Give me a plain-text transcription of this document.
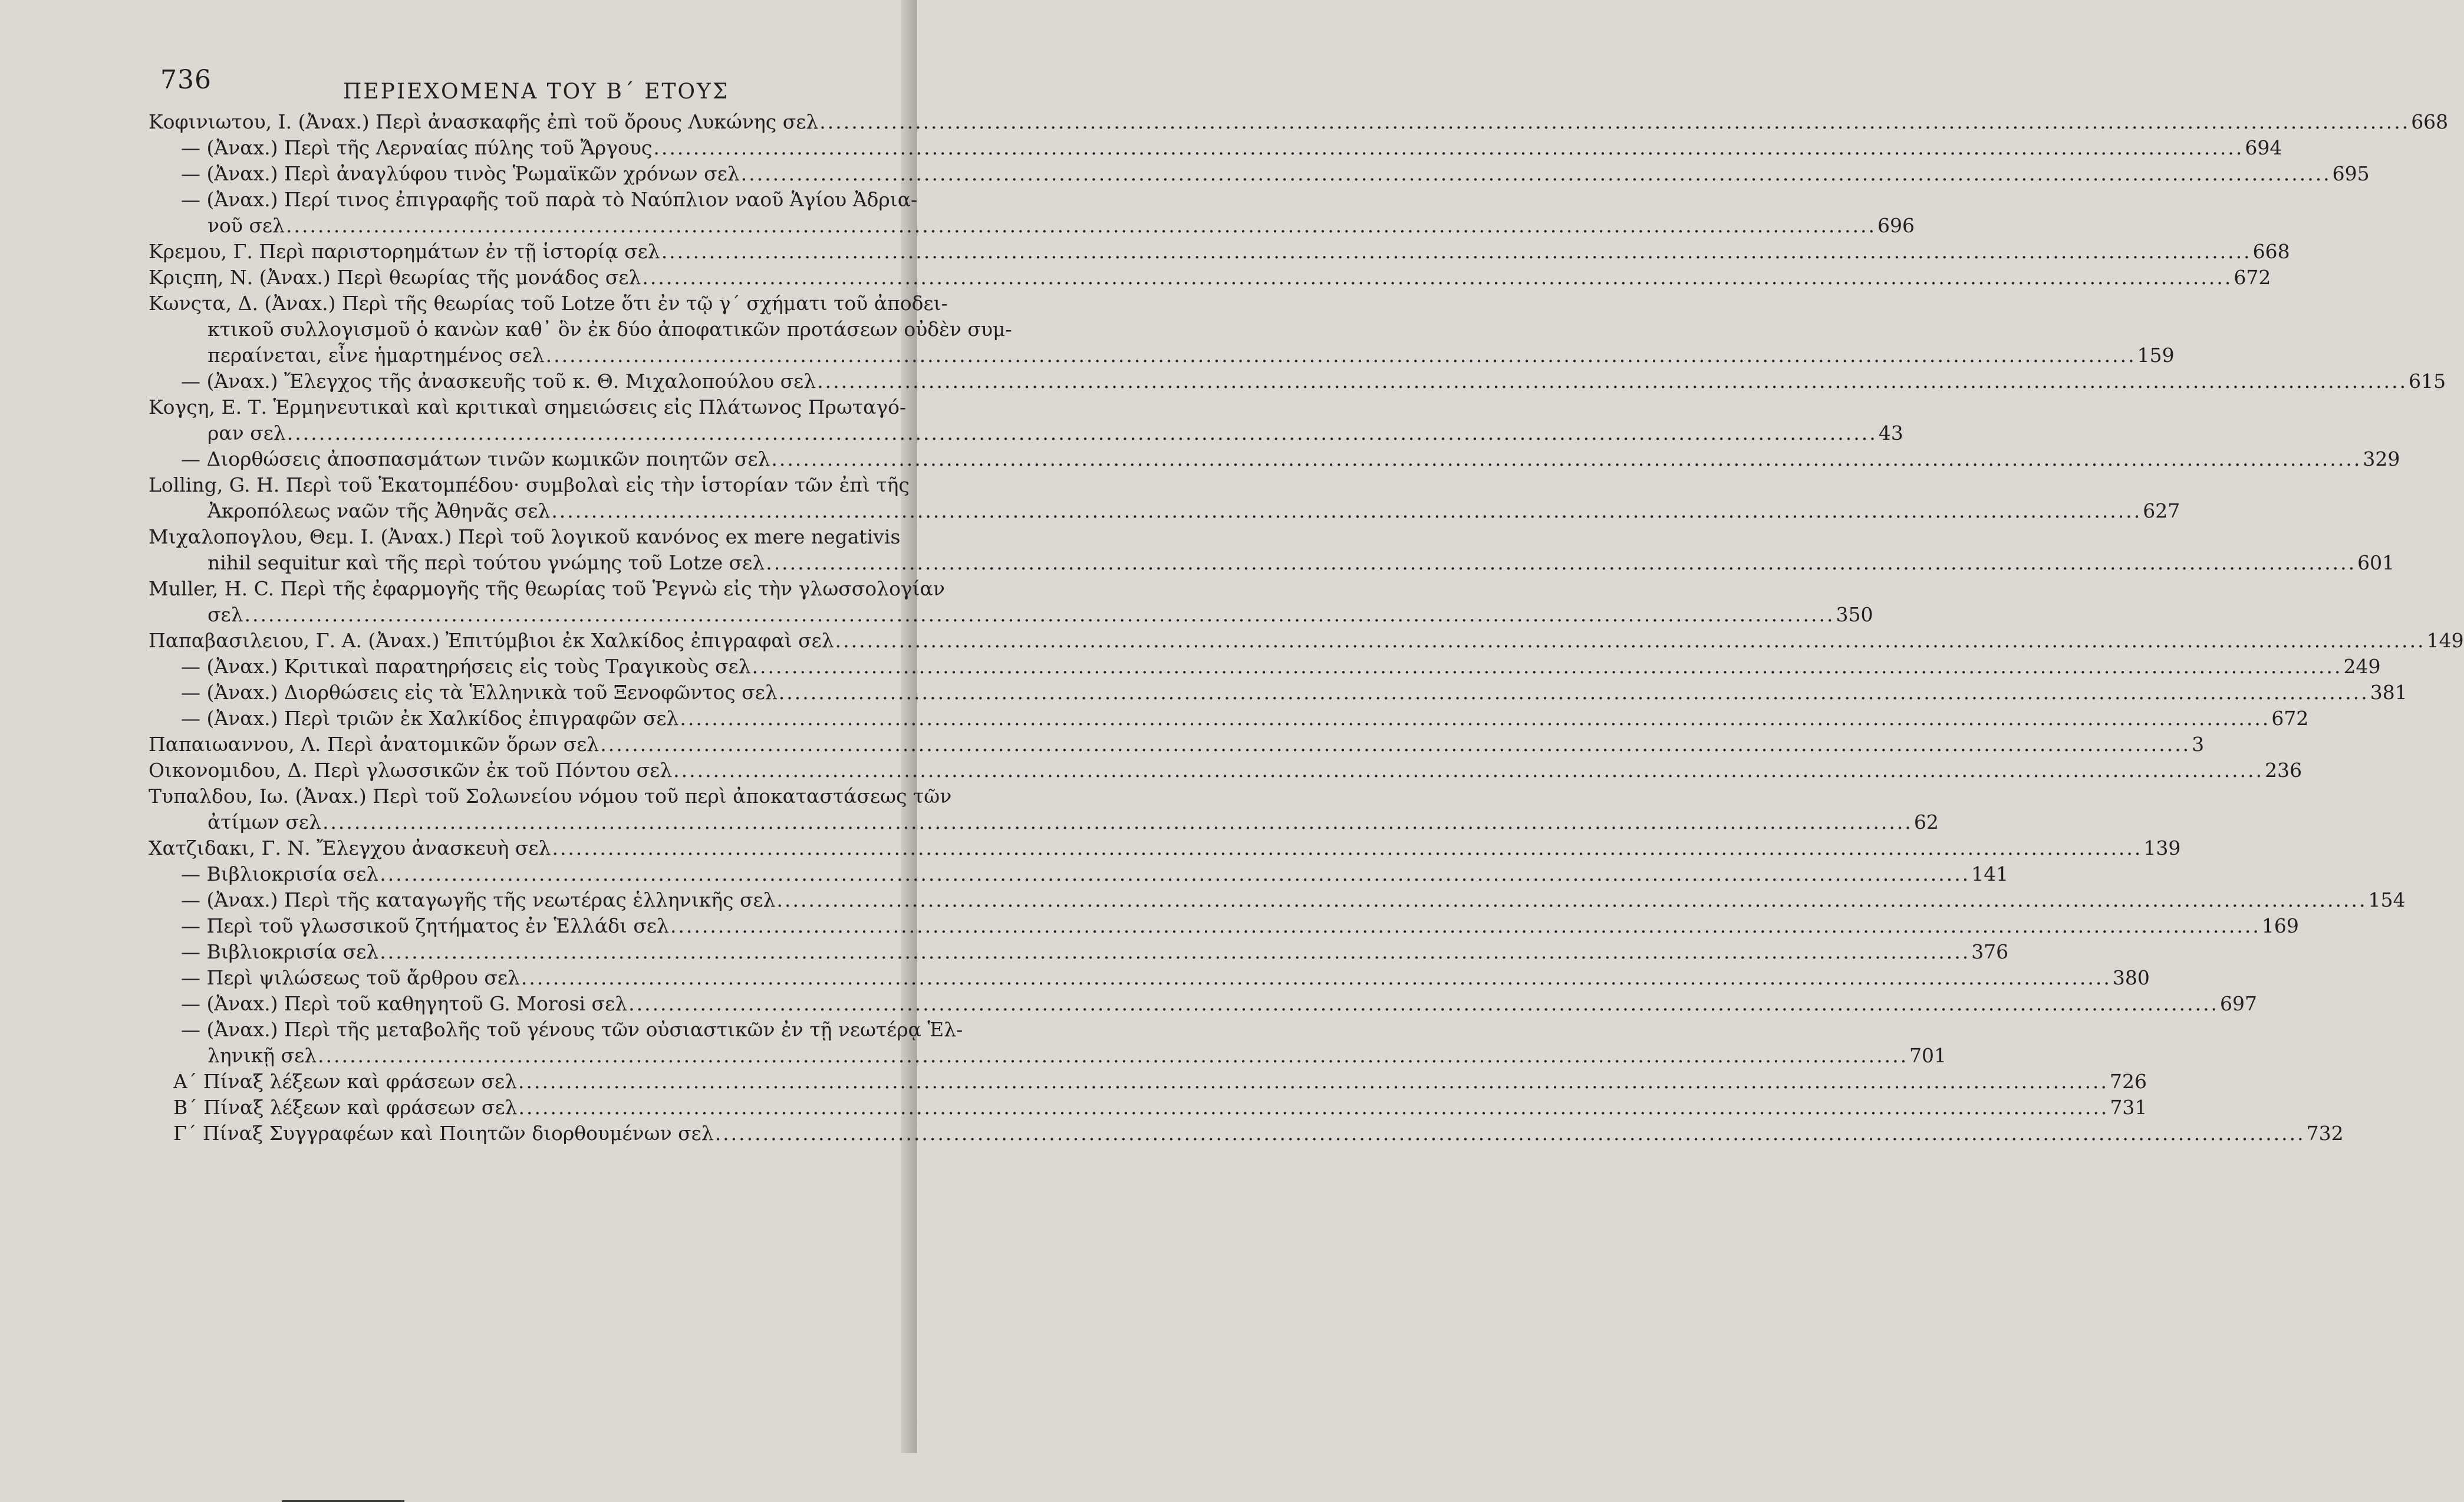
736	ΠΕΡΙΕΧΟΜΕΝΑ ΤΟΥ Β΄ ΕΤΟΥΣ
Κοφινιωτου, Ι. (Ἀναx.) Περὶ ἀνασκαφῆς ἐπὶ τοῦ ὄρους Λυκώνης σελ .....	668
— (Ἀναx.) Περὶ τῆς Λερναίας πύλης τοῦ Ἄργους .....	694
— (Ἀναx.) Περὶ ἀναγλύφου τινὸς Ῥωμαϊκῶν χρόνων σελ .....	695
— (Ἀναx.) Περί τινος ἐπιγραφῆς τοῦ παρὰ τὸ Ναύπλιον ναοῦ Ἁγίου Ἀδρια-
νοῦ σελ .....	696
Κρεμου, Γ. Περὶ παριστορημάτων ἐν τῇ ἱστορίᾳ σελ .....	668
Κριςπη, Ν. (Ἀναx.) Περὶ θεωρίας τῆς μονάδος σελ .....	672
Κωνςτα, Δ. (Ἀναx.) Περὶ τῆς θεωρίας τοῦ Lotze ὅτι ἐν τῷ γ΄ σχήματι τοῦ ἀποδει-
κτικοῦ συλλογισμοῦ ὁ κανὼν καθ᾽ ὃν ἐκ δύο ἀποφατικῶν προτάσεων οὐδὲν συμ-
περαίνεται, εἶνε ἡμαρτημένος σελ .....	159
— (Ἀναx.) Ἔλεγχος τῆς ἀνασκευῆς τοῦ κ. Θ. Μιχαλοπούλου σελ .....	615
Κογςη, Ε. Τ. Ἑρμηνευτικαὶ καὶ κριτικαὶ σημειώσεις εἰς Πλάτωνος Πρωταγό-
ραν σελ .....	43
— Διορθώσεις ἀποσπασμάτων τινῶν κωμικῶν ποιητῶν σελ .....	329
Lolling, G. H. Περὶ τοῦ Ἑκατομπέδου· συμβολαὶ εἰς τὴν ἱστορίαν τῶν ἐπὶ τῆς
Ἀκροπόλεως ναῶν τῆς Ἀθηνᾶς σελ .....	627
Μιχαλοπογλου, Θεμ. Ι. (Ἀναx.) Περὶ τοῦ λογικοῦ κανόνος ex mere negativis
nihil sequitur καὶ τῆς περὶ τούτου γνώμης τοῦ Lotze σελ .....	601
Muller, H. C. Περὶ τῆς ἐφαρμογῆς τῆς θεωρίας τοῦ Ῥεγνὼ εἰς τὴν γλωσσολογίαν
σελ .....	350
Παπαβασιλειου, Γ. Α. (Ἀναx.) Ἐπιτύμβιοι ἐκ Χαλκίδος ἐπιγραφαὶ σελ .....	149
— (Ἀναx.) Κριτικαὶ παρατηρήσεις εἰς τοὺς Τραγικοὺς σελ .....	249
— (Ἀναx.) Διορθώσεις εἰς τὰ Ἑλληνικὰ τοῦ Ξενοφῶντος σελ .....	381
— (Ἀναx.) Περὶ τριῶν ἐκ Χαλκίδος ἐπιγραφῶν σελ .....	672
Παπαιωαννου, Λ. Περὶ ἀνατομικῶν ὅρων σελ .....	3
Οικονομιδου, Δ. Περὶ γλωσσικῶν ἐκ τοῦ Πόντου σελ .....	236
Τυπαλδου, Ιω. (Ἀναx.) Περὶ τοῦ Σολωνείου νόμου τοῦ περὶ ἀποκαταστάσεως τῶν
ἀτίμων σελ .....	62
Χατζιδακι, Γ. Ν. Ἔλεγχου ἀνασκευὴ σελ .....	139
— Βιβλιοκρισία σελ .....	141
— (Ἀναx.) Περὶ τῆς καταγωγῆς τῆς νεωτέρας ἑλληνικῆς σελ .....	154
— Περὶ τοῦ γλωσσικοῦ ζητήματος ἐν Ἑλλάδι σελ .....	169
— Βιβλιοκρισία σελ .....	376
— Περὶ ψιλώσεως τοῦ ἄρθρου σελ .....	380
— (Ἀναx.) Περὶ τοῦ καθηγητοῦ G. Morosi σελ .....	697
— (Ἀναx.) Περὶ τῆς μεταβολῆς τοῦ γένους τῶν οὐσιαστικῶν ἐν τῇ νεωτέρᾳ Ἑλ-
ληνικῇ σελ .....	701
Α΄ Πίναξ λέξεων καὶ φράσεων σελ .....	726
Β΄ Πίναξ λέξεων καὶ φράσεων σελ .....	731
Γ΄ Πίναξ Συγγραφέων καὶ Ποιητῶν διορθουμένων σελ .....	732
